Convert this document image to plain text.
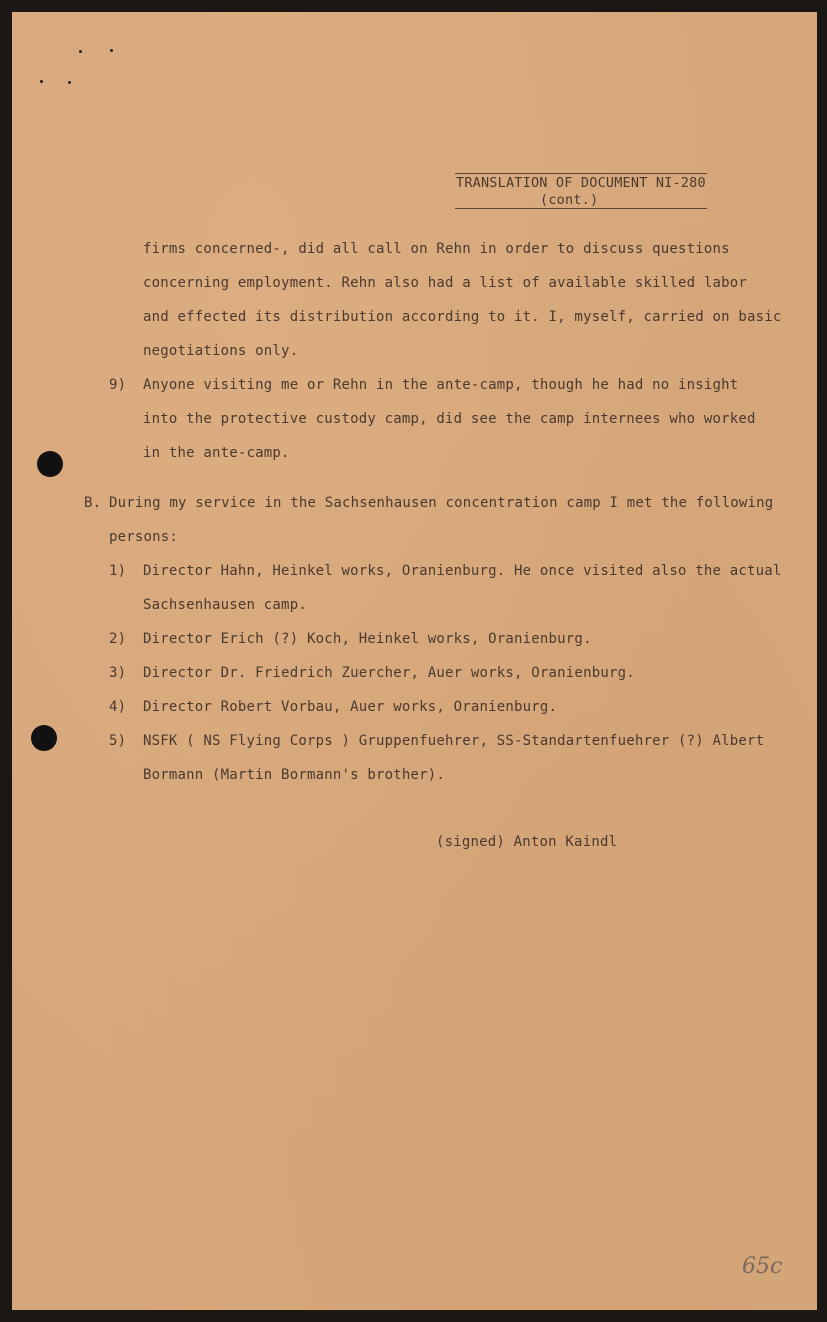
TRANSLATION OF DOCUMENT NI-280
(cont.)
firms concerned-, did all call on Rehn in order to discuss questions
concerning employment. Rehn also had a list of available skilled labor
and effected its distribution according to it. I, myself, carried on basic
negotiations only.
9) Anyone visiting me or Rehn in the ante-camp, though he had no insight
into the protective custody camp, did see the camp internees who worked
in the ante-camp.
B. During my service in the Sachsenhausen concentration camp I met the following
persons:
1) Director Hahn, Heinkel works, Oranienburg. He once visited also the actual
Sachsenhausen camp.
2) Director Erich (?) Koch, Heinkel works, Oranienburg.
3) Director Dr. Friedrich Zuercher, Auer works, Oranienburg.
4) Director Robert Vorbau, Auer works, Oranienburg.
5) NSFK ( NS Flying Corps ) Gruppenfuehrer, SS-Standartenfuehrer (?) Albert
Bormann (Martin Bormann's brother).
(signed) Anton Kaindl
65c
